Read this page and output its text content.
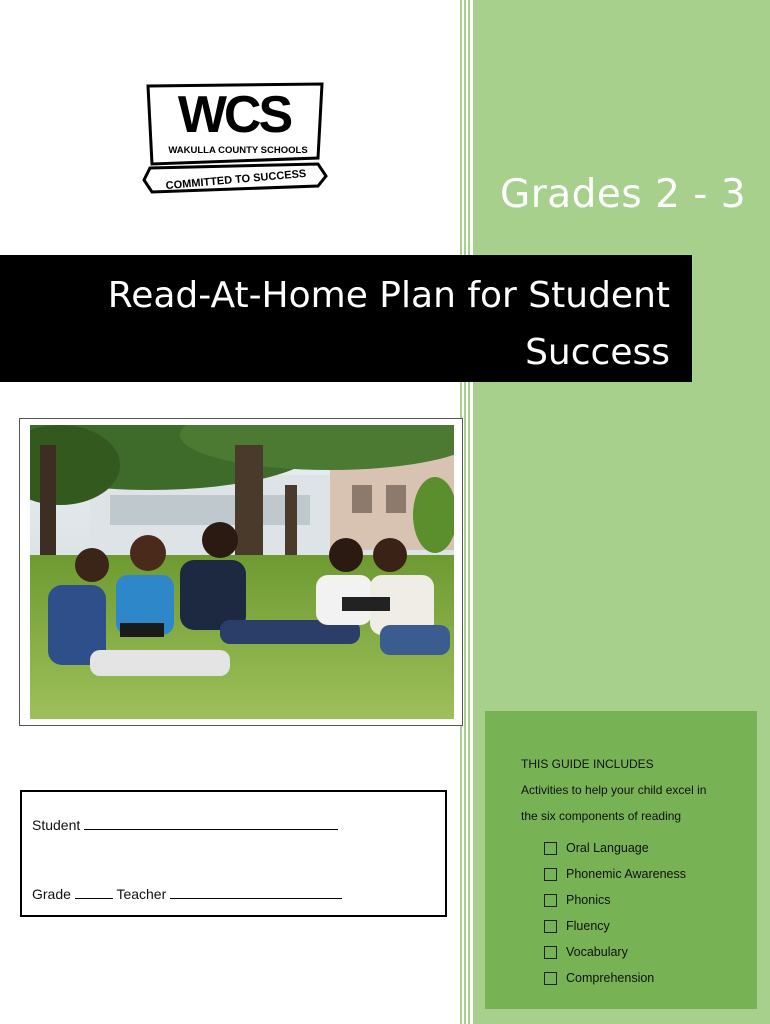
WCS
WAKULLA COUNTY SCHOOLS
COMMITTED TO SUCCESS	Grades 2 - 3
Read-At-Home Plan for Student
Success
Student
Grade	Teacher
THIS GUIDE INCLUDES
Activities to help your child excel in
the six components of reading
Oral Language
Phonemic Awareness
Phonics
Fluency
Vocabulary
Comprehension
